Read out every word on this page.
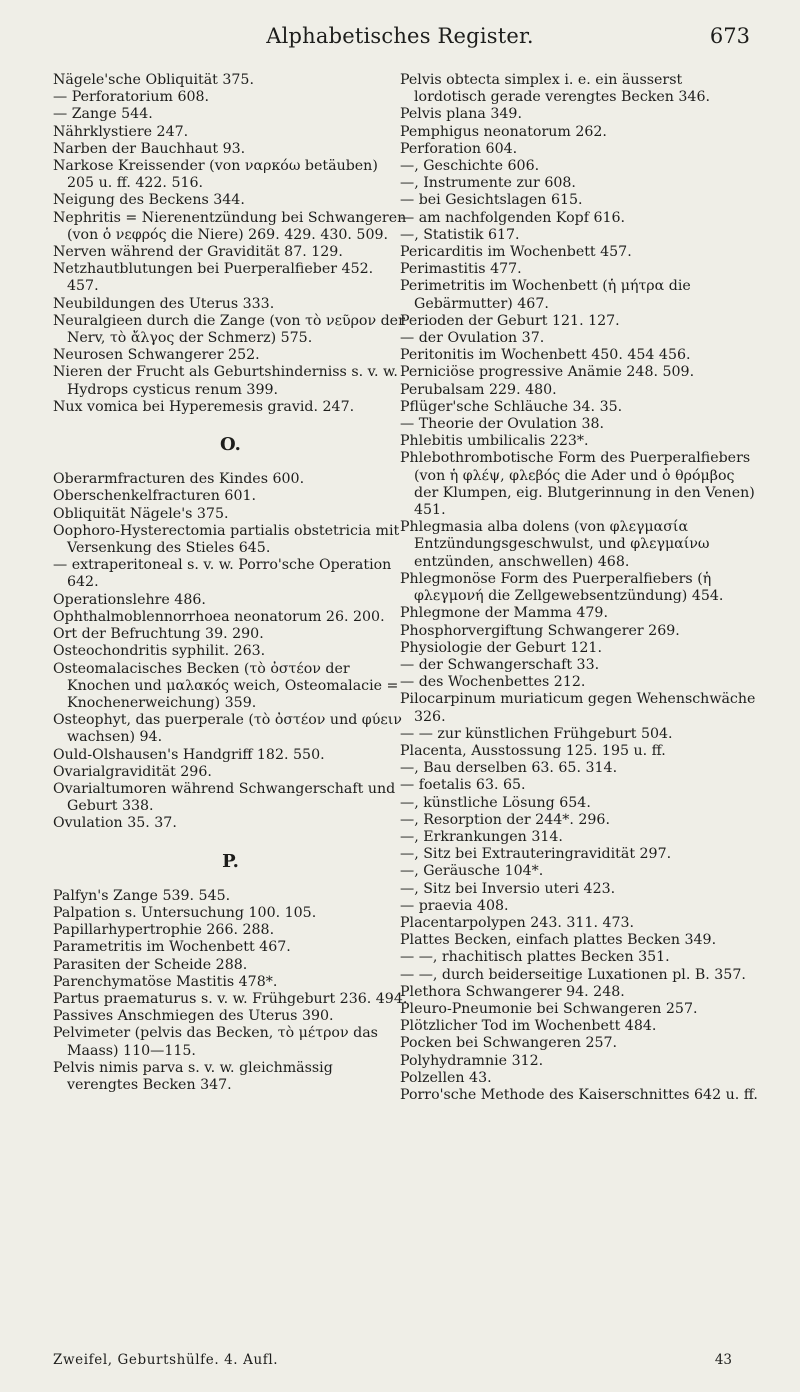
Alphabetisches Register.	673

Nägele'sche Obliquität 375.

— Perforatorium 608.

— Zange 544.

Nährklystiere 247.

Narben der Bauchhaut 93.

Narkose Kreissender (von ναρκόω betäuben) 205 u. ff. 422. 516.

Neigung des Beckens 344.

Nephritis = Nierenentzündung bei Schwangeren (von ὁ νεφρός die Niere) 269. 429. 430. 509.

Nerven während der Gravidität 87. 129.

Netzhautblutungen bei Puerperalfieber 452. 457.

Neubildungen des Uterus 333.

Neuralgieen durch die Zange (von τὸ νεῦρον der Nerv, τὸ ἄλγος der Schmerz) 575.

Neurosen Schwangerer 252.

Nieren der Frucht als Geburtshinderniss s. v. w. Hydrops cysticus renum 399.

Nux vomica bei Hyperemesis gravid. 247.

O.

Oberarmfracturen des Kindes 600.

Oberschenkelfracturen 601.

Obliquität Nägele's 375.

Oophoro-Hysterectomia partialis obstetricia mit Versenkung des Stieles 645.

— extraperitoneal s. v. w. Porro'sche Operation 642.

Operationslehre 486.

Ophthalmoblennorrhoea neonatorum 26. 200.

Ort der Befruchtung 39. 290.

Osteochondritis syphilit. 263.

Osteomalacisches Becken (τὸ ὀστέον der Knochen und μαλακός weich, Osteomalacie = Knochenerweichung) 359.

Osteophyt, das puerperale (τὸ ὀστέον und φύειν wachsen) 94.

Ould-Olshausen's Handgriff 182. 550.

Ovarialgravidität 296.

Ovarialtumoren während Schwangerschaft und Geburt 338.

Ovulation 35. 37.

P.

Palfyn's Zange 539. 545.

Palpation s. Untersuchung 100. 105.

Papillarhypertrophie 266. 288.

Parametritis im Wochenbett 467.

Parasiten der Scheide 288.

Parenchymatöse Mastitis 478*.

Partus praematurus s. v. w. Frühgeburt 236. 494.

Passives Anschmiegen des Uterus 390.

Pelvimeter (pelvis das Becken, τὸ μέτρον das Maass) 110—115.

Pelvis nimis parva s. v. w. gleichmässig verengtes Becken 347.

Pelvis obtecta simplex i. e. ein äusserst lordotisch gerade verengtes Becken 346.

Pelvis plana 349.

Pemphigus neonatorum 262.

Perforation 604.

—, Geschichte 606.

—, Instrumente zur 608.

— bei Gesichtslagen 615.

— am nachfolgenden Kopf 616.

—, Statistik 617.

Pericarditis im Wochenbett 457.

Perimastitis 477.

Perimetritis im Wochenbett (ἡ μήτρα die Gebärmutter) 467.

Perioden der Geburt 121. 127.

— der Ovulation 37.

Peritonitis im Wochenbett 450. 454 456.

Perniciöse progressive Anämie 248. 509.

Perubalsam 229. 480.

Pflüger'sche Schläuche 34. 35.

— Theorie der Ovulation 38.

Phlebitis umbilicalis 223*.

Phlebothrombotische Form des Puerperalfiebers (von ἡ φλέψ, φλεβός die Ader und ὁ θρόμβος der Klumpen, eig. Blutgerinnung in den Venen) 451.

Phlegmasia alba dolens (von φλεγμασία Entzündungsgeschwulst, und φλεγμαίνω entzünden, anschwellen) 468.

Phlegmonöse Form des Puerperalfiebers (ἡ φλεγμονή die Zellgewebsentzündung) 454.

Phlegmone der Mamma 479.

Phosphorvergiftung Schwangerer 269.

Physiologie der Geburt 121.

— der Schwangerschaft 33.

— des Wochenbettes 212.

Pilocarpinum muriaticum gegen Wehenschwäche 326.

— — zur künstlichen Frühgeburt 504.

Placenta, Ausstossung 125. 195 u. ff.

—, Bau derselben 63. 65. 314.

— foetalis 63. 65.

—, künstliche Lösung 654.

—, Resorption der 244*. 296.

—, Erkrankungen 314.

—, Sitz bei Extrauteringravidität 297.

—, Geräusche 104*.

—, Sitz bei Inversio uteri 423.

— praevia 408.

Placentarpolypen 243. 311. 473.

Plattes Becken, einfach plattes Becken 349.

— —, rhachitisch plattes Becken 351.

— —, durch beiderseitige Luxationen pl. B. 357.

Plethora Schwangerer 94. 248.

Pleuro-Pneumonie bei Schwangeren 257.

Plötzlicher Tod im Wochenbett 484.

Pocken bei Schwangeren 257.

Polyhydramnie 312.

Polzellen 43.

Porro'sche Methode des Kaiserschnittes 642 u. ff.

Zweifel, Geburtshülfe. 4. Aufl.	43
